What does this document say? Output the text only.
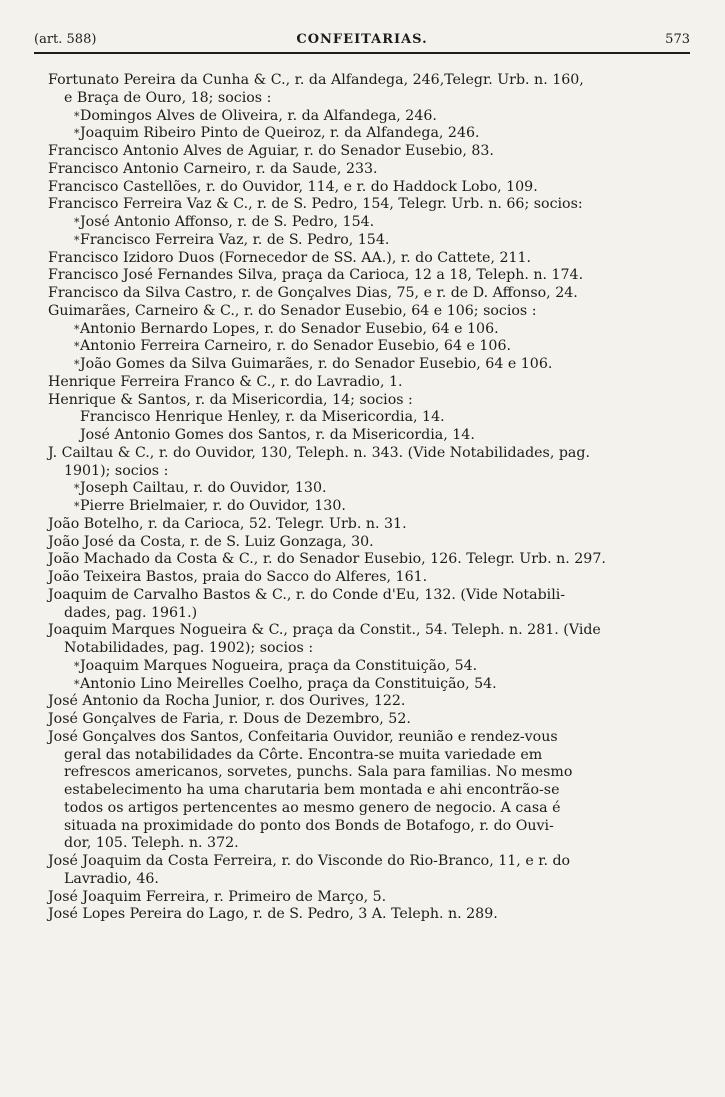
(art. 588)	CONFEITARIAS.	573
Fortunato Pereira da Cunha & C., r. da Alfandega, 246,Telegr. Urb. n. 160,
e Braça de Ouro, 18; socios :
*Domingos Alves de Oliveira, r. da Alfandega, 246.
*Joaquim Ribeiro Pinto de Queiroz, r. da Alfandega, 246.
Francisco Antonio Alves de Aguiar, r. do Senador Eusebio, 83.
Francisco Antonio Carneiro, r. da Saude, 233.
Francisco Castellões, r. do Ouvidor, 114, e r. do Haddock Lobo, 109.
Francisco Ferreira Vaz & C., r. de S. Pedro, 154, Telegr. Urb. n. 66; socios:
*José Antonio Affonso, r. de S. Pedro, 154.
*Francisco Ferreira Vaz, r. de S. Pedro, 154.
Francisco Izidoro Duos (Fornecedor de SS. AA.), r. do Cattete, 211.
Francisco José Fernandes Silva, praça da Carioca, 12 a 18, Teleph. n. 174.
Francisco da Silva Castro, r. de Gonçalves Dias, 75, e r. de D. Affonso, 24.
Guimarães, Carneiro & C., r. do Senador Eusebio, 64 e 106; socios :
*Antonio Bernardo Lopes, r. do Senador Eusebio, 64 e 106.
*Antonio Ferreira Carneiro, r. do Senador Eusebio, 64 e 106.
*João Gomes da Silva Guimarães, r. do Senador Eusebio, 64 e 106.
Henrique Ferreira Franco & C., r. do Lavradio, 1.
Henrique & Santos, r. da Misericordia, 14; socios :
Francisco Henrique Henley, r. da Misericordia, 14.
José Antonio Gomes dos Santos, r. da Misericordia, 14.
J. Cailtau & C., r. do Ouvidor, 130, Teleph. n. 343. (Vide Notabilidades, pag.
1901); socios :
*Joseph Cailtau, r. do Ouvidor, 130.
*Pierre Brielmaier, r. do Ouvidor, 130.
João Botelho, r. da Carioca, 52. Telegr. Urb. n. 31.
João José da Costa, r. de S. Luiz Gonzaga, 30.
João Machado da Costa & C., r. do Senador Eusebio, 126. Telegr. Urb. n. 297.
João Teixeira Bastos, praia do Sacco do Alferes, 161.
Joaquim de Carvalho Bastos & C., r. do Conde d'Eu, 132. (Vide Notabili-
dades, pag. 1961.)
Joaquim Marques Nogueira & C., praça da Constit., 54. Teleph. n. 281. (Vide
Notabilidades, pag. 1902); socios :
*Joaquim Marques Nogueira, praça da Constituição, 54.
*Antonio Lino Meirelles Coelho, praça da Constituição, 54.
José Antonio da Rocha Junior, r. dos Ourives, 122.
José Gonçalves de Faria, r. Dous de Dezembro, 52.
José Gonçalves dos Santos, Confeitaria Ouvidor, reunião e rendez-vous
geral das notabilidades da Côrte. Encontra-se muita variedade em
refrescos americanos, sorvetes, punchs. Sala para familias. No mesmo
estabelecimento ha uma charutaria bem montada e ahi encontrão-se
todos os artigos pertencentes ao mesmo genero de negocio. A casa é
situada na proximidade do ponto dos Bonds de Botafogo, r. do Ouvi-
dor, 105. Teleph. n. 372.
José Joaquim da Costa Ferreira, r. do Visconde do Rio-Branco, 11, e r. do
Lavradio, 46.
José Joaquim Ferreira, r. Primeiro de Março, 5.
José Lopes Pereira do Lago, r. de S. Pedro, 3 A. Teleph. n. 289.
